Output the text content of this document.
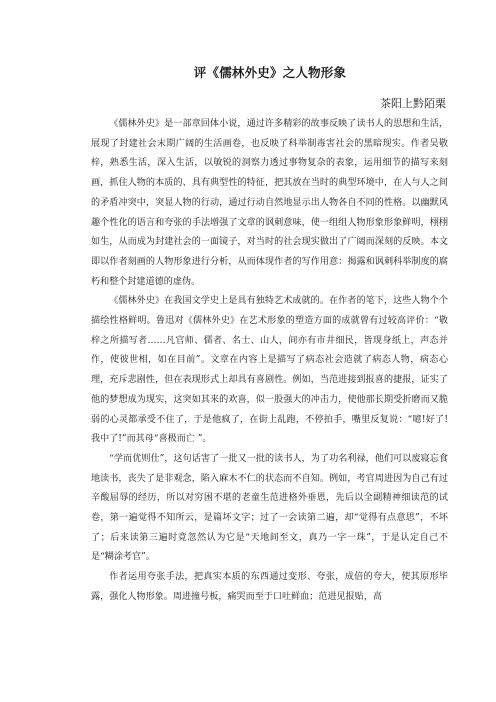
评《儒林外史》之人物形象
茶阳上黔陌栗

《儒林外史》是一部章回体小说，通过许多精彩的故事反映了读书人的思想和生活，展现了封建社会末期广阔的生活画卷，也反映了科举制毒害社会的黑暗现实。作者吴敬梓，熟悉生活，深入生活，以敏锐的洞察力透过事物复杂的表象，运用细节的描写来刻画，抓住人物的本质的、具有典型性的特征，把其放在当时的典型环境中，在人与人之间的矛盾冲突中，突显人物的行动，通过行动自然地显示出人物各自不同的性格。以幽默风趣个性化的语言和夸张的手法增强了文章的讽刺意味，使一组组人物形象形象鲜明，栩栩如生，从而成为封建社会的一面镜子，对当时的社会现实做出了广阔而深刻的反映。本文即以作者刻画的人物形象进行分析，从而体现作者的写作用意：揭露和讽刺科举制度的腐朽和整个封建道德的虚伪。

《儒林外史》在我国文学史上是具有独特艺术成就的。在作者的笔下，这些人物个个描绘性格鲜明。鲁迅对《儒林外史》在艺术形象的塑造方面的成就曾有过较高评价：“敬梓之所描写者……凡官师、儒者、名士、山人，间亦有市井细民，皆现身纸上，声态并作，使彼世相，如在目前”。文章在内容上是描写了病态社会造就了病态人物，病态心理，充斥悲剧性，但在表现形式上却具有喜剧性。例如，当范进接到报喜的捷报，证实了他的梦想成为现实，这突如其来的欢喜，似一股强大的冲击力，使他那长期受折磨而又脆弱的心灵都承受不住了，于是他疯了，在街上乱跑，不停拍手，嘴里反复说：“噫!好了!我中了!”而其母“喜极而亡 ”。

“学而优则仕”，这句话害了一批又一批的读书人，为了功名利禄，他们可以废寝忘食地读书，丧失了是非观念，陷入麻木不仁的状态而不自知。例如，考官周进因为自己有过辛酸屈辱的经历，所以对穷困不堪的老童生范进格外垂恩，先后以全副精神细读范的试卷，第一遍觉得不知所云，是篇坏文字；过了一会读第二遍，却“觉得有点意思”，不坏了；后来读第三遍时竟忽然认为它是“天地间至文，真乃一字一珠”，于是认定自己不是“糊涂考官”。

作者运用夸张手法，把真实本质的东西通过变形、夸张，成倍的夸大，使其原形毕露，强化人物形象。周进撞号板，痛哭而至于口吐鲜血；范进见报贴，高
